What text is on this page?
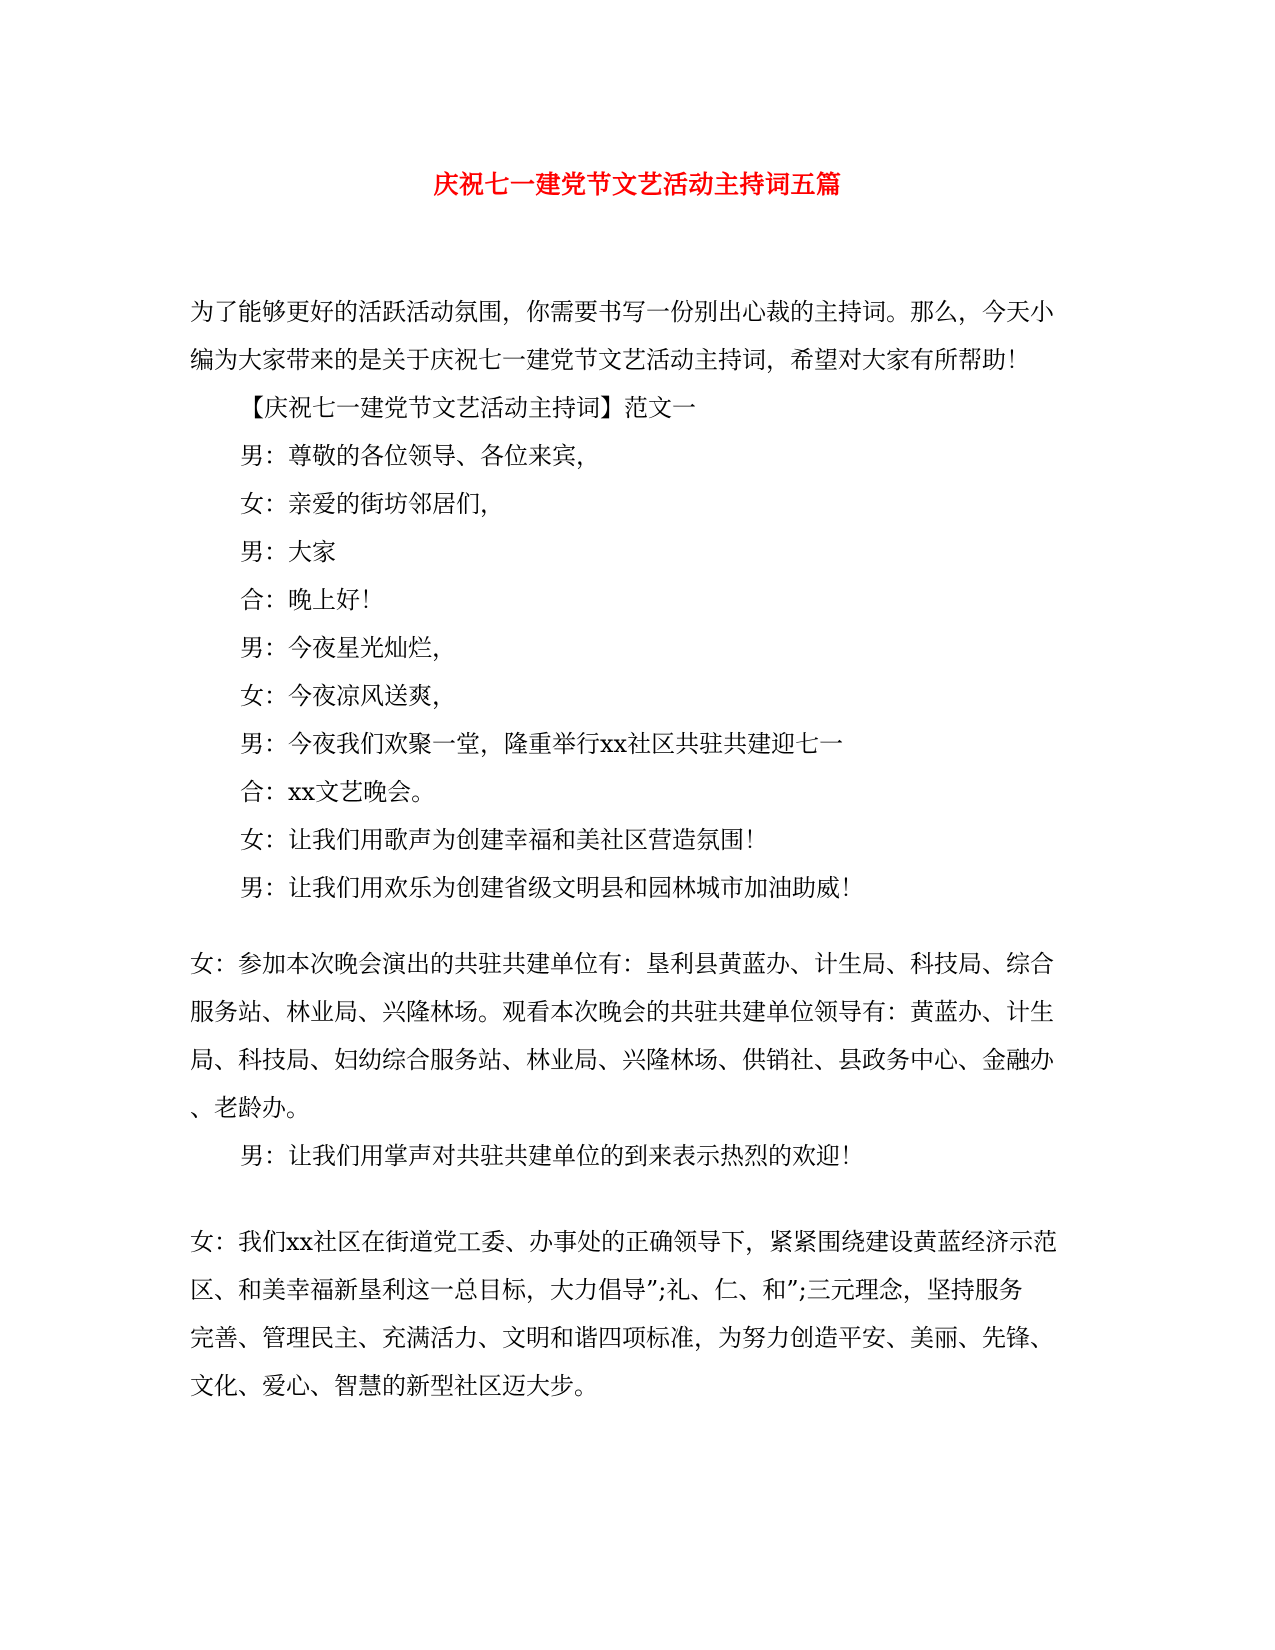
庆祝七一建党节文艺活动主持词五篇

为了能够更好的活跃活动氛围，你需要书写一份别出心裁的主持词。那么，今天小

编为大家带来的是关于庆祝七一建党节文艺活动主持词，希望对大家有所帮助！

【庆祝七一建党节文艺活动主持词】范文一

男：尊敬的各位领导、各位来宾，

女：亲爱的街坊邻居们，

男：大家

合：晚上好！

男：今夜星光灿烂，

女：今夜凉风送爽，

男：今夜我们欢聚一堂，隆重举行xx社区共驻共建迎七一

合：xx文艺晚会。

女：让我们用歌声为创建幸福和美社区营造氛围！

男：让我们用欢乐为创建省级文明县和园林城市加油助威！

女：参加本次晚会演出的共驻共建单位有：垦利县黄蓝办、计生局、科技局、综合

服务站、林业局、兴隆林场。观看本次晚会的共驻共建单位领导有：黄蓝办、计生

局、科技局、妇幼综合服务站、林业局、兴隆林场、供销社、县政务中心、金融办

、老龄办。

男：让我们用掌声对共驻共建单位的到来表示热烈的欢迎！

女：我们xx社区在街道党工委、办事处的正确领导下，紧紧围绕建设黄蓝经济示范

区、和美幸福新垦利这一总目标，大力倡导”;礼、仁、和”;三元理念，坚持服务

完善、管理民主、充满活力、文明和谐四项标准，为努力创造平安、美丽、先锋、

文化、爱心、智慧的新型社区迈大步。
